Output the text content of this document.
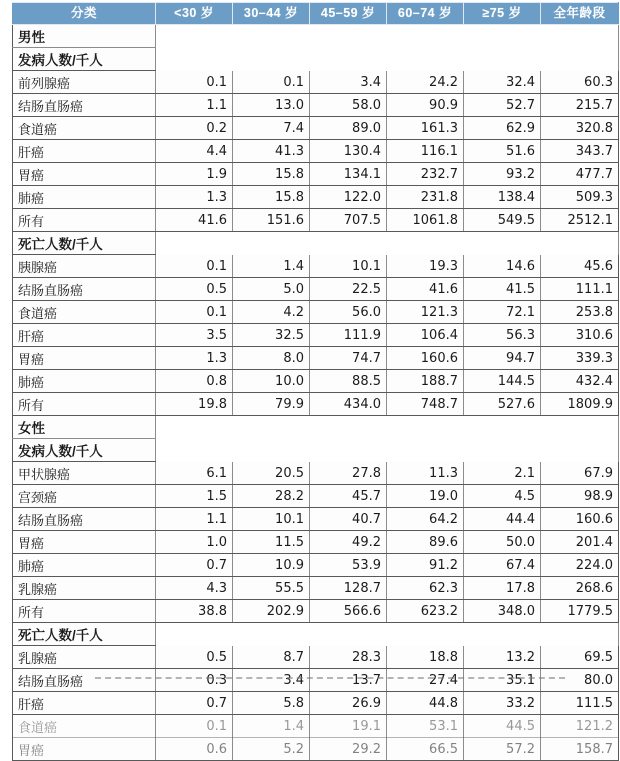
分类	<30 岁	30–44 岁	45–59 岁	60–74 岁	≥75 岁	全年龄段
男性						
发病人数/千人						
前列腺癌	0.1	0.1	3.4	24.2	32.4	60.3
结肠直肠癌	1.1	13.0	58.0	90.9	52.7	215.7
食道癌	0.2	7.4	89.0	161.3	62.9	320.8
肝癌	4.4	41.3	130.4	116.1	51.6	343.7
胃癌	1.9	15.8	134.1	232.7	93.2	477.7
肺癌	1.3	15.8	122.0	231.8	138.4	509.3
所有	41.6	151.6	707.5	1061.8	549.5	2512.1
死亡人数/千人						
胰腺癌	0.1	1.4	10.1	19.3	14.6	45.6
结肠直肠癌	0.5	5.0	22.5	41.6	41.5	111.1
食道癌	0.1	4.2	56.0	121.3	72.1	253.8
肝癌	3.5	32.5	111.9	106.4	56.3	310.6
胃癌	1.3	8.0	74.7	160.6	94.7	339.3
肺癌	0.8	10.0	88.5	188.7	144.5	432.4
所有	19.8	79.9	434.0	748.7	527.6	1809.9
女性						
发病人数/千人						
甲状腺癌	6.1	20.5	27.8	11.3	2.1	67.9
宫颈癌	1.5	28.2	45.7	19.0	4.5	98.9
结肠直肠癌	1.1	10.1	40.7	64.2	44.4	160.6
胃癌	1.0	11.5	49.2	89.6	50.0	201.4
肺癌	0.7	10.9	53.9	91.2	67.4	224.0
乳腺癌	4.3	55.5	128.7	62.3	17.8	268.6
所有	38.8	202.9	566.6	623.2	348.0	1779.5
死亡人数/千人						
乳腺癌	0.5	8.7	28.3	18.8	13.2	69.5
结肠直肠癌	0.3	3.4	13.7	27.4	35.1	80.0
肝癌	0.7	5.8	26.9	44.8	33.2	111.5
食道癌	0.1	1.4	19.1	53.1	44.5	121.2
胃癌	0.6	5.2	29.2	66.5	57.2	158.7
